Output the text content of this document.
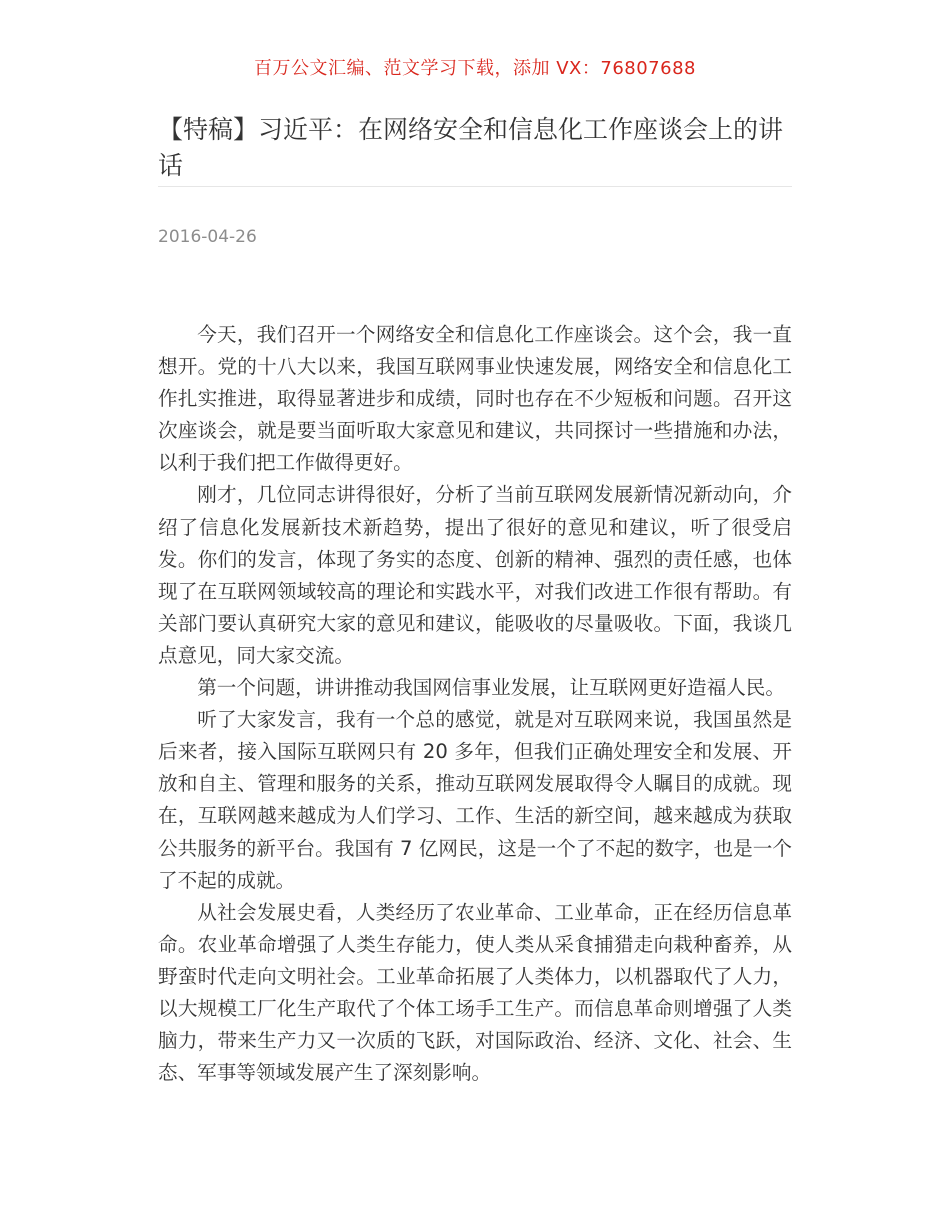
百万公文汇编、范文学习下载，添加 VX：76807688
【特稿】习近平：在网络安全和信息化工作座谈会上的讲话
2016-04-26

今天，我们召开一个网络安全和信息化工作座谈会。这个会，我一直想开。党的十八大以来，我国互联网事业快速发展，网络安全和信息化工作扎实推进，取得显著进步和成绩，同时也存在不少短板和问题。召开这次座谈会，就是要当面听取大家意见和建议，共同探讨一些措施和办法，以利于我们把工作做得更好。

刚才，几位同志讲得很好，分析了当前互联网发展新情况新动向，介绍了信息化发展新技术新趋势，提出了很好的意见和建议，听了很受启发。你们的发言，体现了务实的态度、创新的精神、强烈的责任感，也体现了在互联网领域较高的理论和实践水平，对我们改进工作很有帮助。有关部门要认真研究大家的意见和建议，能吸收的尽量吸收。下面，我谈几点意见，同大家交流。

第一个问题，讲讲推动我国网信事业发展，让互联网更好造福人民。

听了大家发言，我有一个总的感觉，就是对互联网来说，我国虽然是后来者，接入国际互联网只有 20 多年，但我们正确处理安全和发展、开放和自主、管理和服务的关系，推动互联网发展取得令人瞩目的成就。现在，互联网越来越成为人们学习、工作、生活的新空间，越来越成为获取公共服务的新平台。我国有 7 亿网民，这是一个了不起的数字，也是一个了不起的成就。

从社会发展史看，人类经历了农业革命、工业革命，正在经历信息革命。农业革命增强了人类生存能力，使人类从采食捕猎走向栽种畜养，从野蛮时代走向文明社会。工业革命拓展了人类体力，以机器取代了人力，以大规模工厂化生产取代了个体工场手工生产。而信息革命则增强了人类脑力，带来生产力又一次质的飞跃，对国际政治、经济、文化、社会、生态、军事等领域发展产生了深刻影响。
